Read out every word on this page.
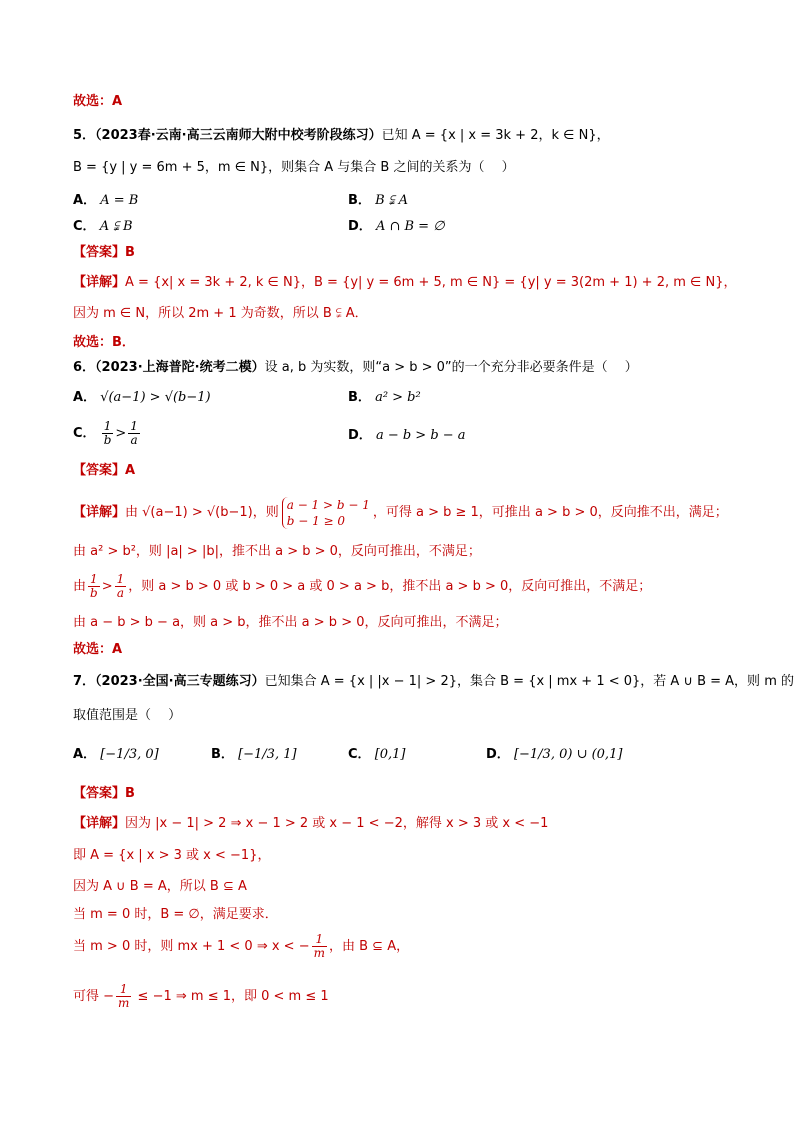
故选：A
5．（2023春·云南·高三云南师大附中校考阶段练习）已知 A = {x | x = 3k + 2，k ∈ N}，
B = {y | y = 6m + 5，m ∈ N}，则集合 A 与集合 B 之间的关系为（　 ）
A． A = B	B． B ⫋ A
C． A ⫋ B	D． A ∩ B = ∅
【答案】B
【详解】A = {x| x = 3k + 2, k ∈ N}，B = {y| y = 6m + 5, m ∈ N} = {y| y = 3(2m + 1) + 2, m ∈ N}，
因为 m ∈ N，所以 2m + 1 为奇数，所以 B ⫋ A．
故选：B．
6．（2023·上海普陀·统考二模）设 a, b 为实数，则“a > b > 0”的一个充分非必要条件是（　 ）
A． √(a−1) > √(b−1)	B． a² > b²
C． $\frac{1}{b} > \frac{1}{a}$	D． a − b > b − a
【答案】A
【详解】由 √(a−1) > √(b−1)，则
a − 1 > b − 1
b − 1 ≥ 0
，可得 a > b ≥ 1，可推出 a > b > 0，反向推不出，满足；
由 a² > b²，则 |a| > |b|，推不出 a > b > 0，反向可推出，不满足；
由 $\frac{1}{b} > \frac{1}{a}$ ，则 a > b > 0 或 b > 0 > a 或 0 > a > b，推不出 a > b > 0，反向可推出，不满足；
由 a − b > b − a，则 a > b，推不出 a > b > 0，反向可推出，不满足；
故选：A
7．（2023·全国·高三专题练习）已知集合 A = {x | |x − 1| > 2}，集合 B = {x | mx + 1 < 0}，若 A ∪ B = A，则 m 的
取值范围是（　 ）
A． [−1/3, 0]	B． [−1/3, 1]	C． [0,1]	D． [−1/3, 0) ∪ (0,1]
【答案】B
【详解】因为 |x − 1| > 2 ⇒ x − 1 > 2 或 x − 1 < −2，解得 x > 3 或 x < −1
即 A = {x | x > 3 或 x < −1}，
因为 A ∪ B = A，所以 B ⊆ A
当 m = 0 时，B = ∅，满足要求．
当 m > 0 时，则 mx + 1 < 0 ⇒ x < − $\frac{1}{m}$ ，由 B ⊆ A，
可得 − $\frac{1}{m} \le -1$ ⇒ m ≤ 1，即 0 < m ≤ 1
